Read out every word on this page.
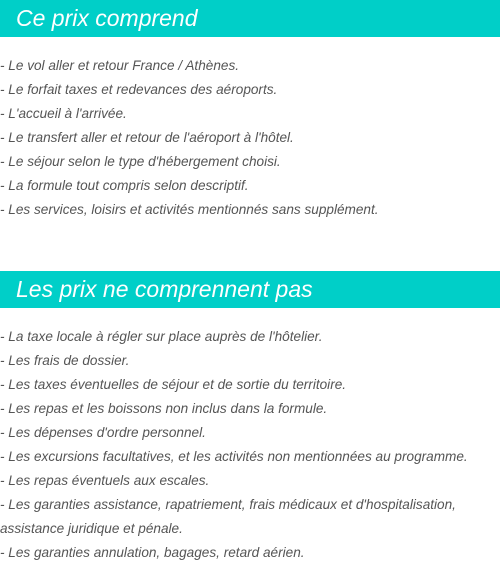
Ce prix comprend
- Le vol aller et retour France / Athènes.
- Le forfait taxes et redevances des aéroports.
- L'accueil à l'arrivée.
- Le transfert aller et retour de l'aéroport à l'hôtel.
- Le séjour selon le type d'hébergement choisi.
- La formule tout compris selon descriptif.
- Les services, loisirs et activités mentionnés sans supplément.
Les prix ne comprennent pas
- La taxe locale à régler sur place auprès de l'hôtelier.
- Les frais de dossier.
- Les taxes éventuelles de séjour et de sortie du territoire.
- Les repas et les boissons non inclus dans la formule.
- Les dépenses d'ordre personnel.
- Les excursions facultatives, et les activités non mentionnées au programme.
- Les repas éventuels aux escales.
- Les garanties assistance, rapatriement, frais médicaux et d'hospitalisation, assistance juridique et pénale.
- Les garanties annulation, bagages, retard aérien.
